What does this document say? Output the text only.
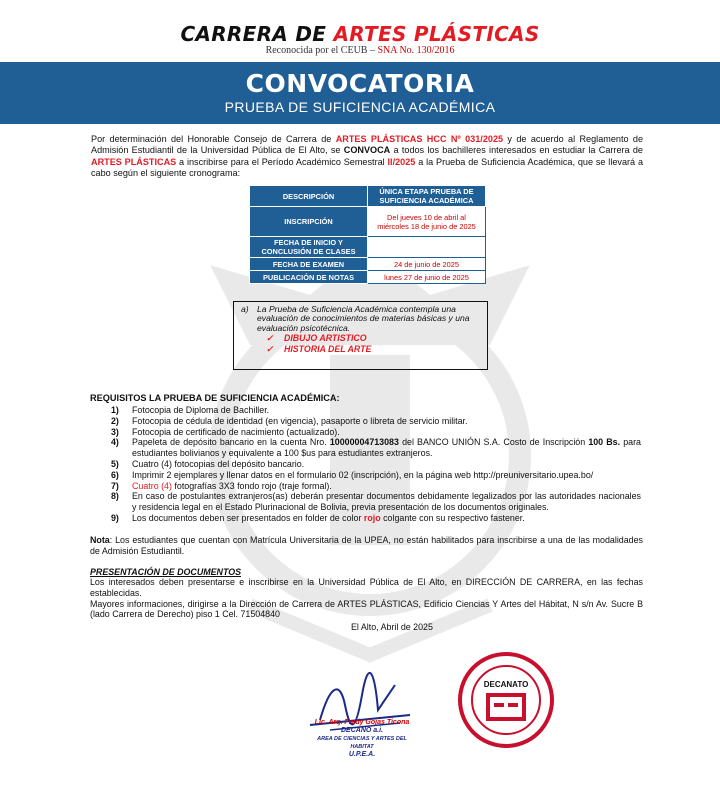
CARRERA DE ARTES PLÁSTICAS
Reconocida por el CEUB – SNA No. 130/2016
CONVOCATORIA
PRUEBA DE SUFICIENCIA ACADÉMICA
Por determinación del Honorable Consejo de Carrera de ARTES PLÁSTICAS HCC Nº 031/2025 y de acuerdo al Reglamento de Admisión Estudiantil de la Universidad Pública de El Alto, se CONVOCA a todos los bachilleres interesados en estudiar la Carrera de ARTES PLÁSTICAS a inscribirse para el Período Académico Semestral II/2025 a la Prueba de Suficiencia Académica, que se llevará a cabo según el siguiente cronograma:
DESCRIPCIÓN	ÚNICA ETAPA PRUEBA DE SUFICIENCIA ACADÉMICA
INSCRIPCIÓN	Del jueves 10 de abril al miércoles 18 de junio de 2025
FECHA DE INICIO Y CONCLUSIÓN DE CLASES	
FECHA DE EXAMEN	24 de junio de 2025
PUBLICACIÓN DE NOTAS	lunes 27 de junio de 2025
a) La Prueba de Suficiencia Académica contempla una evaluación de conocimientos de materias básicas y una evaluación psicotécnica.
✓ DIBUJO ARTISTICO
✓ HISTORIA DEL ARTE
REQUISITOS LA PRUEBA DE SUFICIENCIA ACADÉMICA:
1)	Fotocopia de Diploma de Bachiller.
2)	Fotocopia de cédula de identidad (en vigencia), pasaporte o libreta de servicio militar.
3)	Fotocopia de certificado de nacimiento (actualizado).
4)	Papeleta de depósito bancario en la cuenta Nro. 10000004713083 del BANCO UNIÓN S.A. Costo de Inscripción 100 Bs. para estudiantes bolivianos y equivalente a 100 $us para estudiantes extranjeros.
5)	Cuatro (4) fotocopias del depósito bancario.
6)	Imprimir 2 ejemplares y llenar datos en el formulario 02 (inscripción), en la página web http://preuniversitario.upea.bo/
7)	Cuatro (4) fotografías 3X3 fondo rojo (traje formal).
8)	En caso de postulantes extranjeros(as) deberán presentar documentos debidamente legalizados por las autoridades nacionales y residencia legal en el Estado Plurinacional de Bolivia, previa presentación de los documentos originales.
9)	Los documentos deben ser presentados en folder de color rojo colgante con su respectivo fastener.
Nota: Los estudiantes que cuentan con Matrícula Universitaria de la UPEA, no están habilitados para inscribirse a una de las modalidades de Admisión Estudiantil.
PRESENTACIÓN DE DOCUMENTOS
Los interesados deben presentarse e inscribirse en la Universidad Pública de El Alto, en DIRECCIÓN DE CARRERA, en las fechas establecidas.
Mayores informaciones, dirigirse a la Dirección de Carrera de ARTES PLÁSTICAS, Edificio Ciencias Y Artes del Hábitat, N s/n Av. Sucre B (lado Carrera de Derecho) piso 1 Cel. 71504840
El Alto, Abril de 2025
Lic. Arq. Fredy Gojas Ticona
DECANO a.i.
AREA DE CIENCIAS Y ARTES DEL HABITAT
U.P.E.A.
DECANATO
